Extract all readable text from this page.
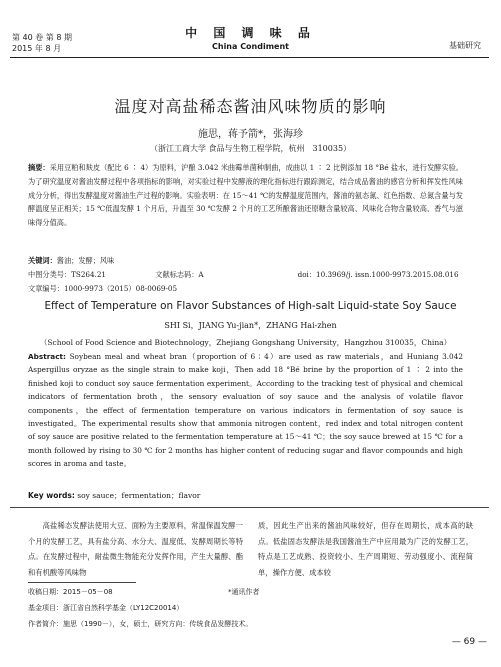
第 40 卷 第 8 期
2015 年 8 月
中 国 调 味 品
China Condiment	基础研究
温度对高盐稀态酱油风味物质的影响
施思，蒋予箭*，张海珍
（浙江工商大学 食品与生物工程学院，杭州　310035）
摘要：采用豆粕和麸皮（配比 6 ∶ 4）为原料，沪酿 3.042 米曲霉单菌种制曲，成曲以 1 ∶ 2 比例添加 18 °Bé 盐水，进行发酵实验。为了研究温度对酱油发酵过程中各项指标的影响，对实验过程中发酵液的理化指标进行跟踪测定，结合成品酱油的感官分析和挥发性风味成分分析，得出发酵温度对酱油生产过程的影响。实验表明：在 15～41 ℃的发酵温度范围内，酱油的氨态氮、红色指数、总氮含量与发酵温度呈正相关；15 ℃低温发酵 1 个月后，升温至 30 ℃发酵 2 个月的工艺所酿酱油还原糖含量较高、风味化合物含量较高、香气与滋味得分值高。
关键词：酱油；发酵；风味
中图分类号：TS264.21	文献标志码：A	doi：10.3969/j. issn.1000-9973.2015.08.016
文章编号：1000-9973（2015）08-0069-05
Effect of Temperature on Flavor Substances of High-salt Liquid-state Soy Sauce
SHI Si，JIANG Yu-jian*，ZHANG Hai-zhen
（School of Food Science and Biotechnology，Zhejiang Gongshang University，Hangzhou 310035，China）
Abstract: Soybean meal and wheat bran（proportion of 6 ∶ 4）are used as raw materials，and Huniang 3.042 Aspergillus oryzae as the single strain to make koji，Then add 18 °Bé brine by the proportion of 1 ∶ 2 into the finished koji to conduct soy sauce fermentation experiment。According to the tracking test of physical and chemical indicators of fermentation broth，the sensory evaluation of soy sauce and the analysis of volatile flavor components，the effect of fermentation temperature on various indicators in fermentation of soy sauce is investigated。The experimental results show that ammonia nitrogen content，red index and total nitrogen content of soy sauce are positive related to the fermentation temperature at 15～41 ℃；the soy sauce brewed at 15 ℃ for a month followed by rising to 30 ℃ for 2 months has higher content of reducing sugar and flavor compounds and high scores in aroma and taste。
Key words: soy sauce；fermentation；flavor
高盐稀态发酵法使用大豆、面粉为主要原料，常温保温发酵一个月的发酵工艺，具有盐分高、水分大、温度低、发酵周期长等特点。在发酵过程中，耐盐微生物能充分发挥作用，产生大量醇、酯和有机酸等风味物
质，因此生产出来的酱油风味较好，但存在周期长，成本高的缺点。低盐固态发酵法是我国酱油生产中应用最为广泛的发酵工艺，特点是工艺成熟、投资较小、生产周期短、劳动强度小、流程简单，操作方便、成本较
收稿日期：2015－05－08	*通讯作者
基金项目：浙江省自然科学基金（LY12C20014）
作者简介：施思（1990－），女，硕士，研究方向：传统食品发酵技术。
— 69 —
